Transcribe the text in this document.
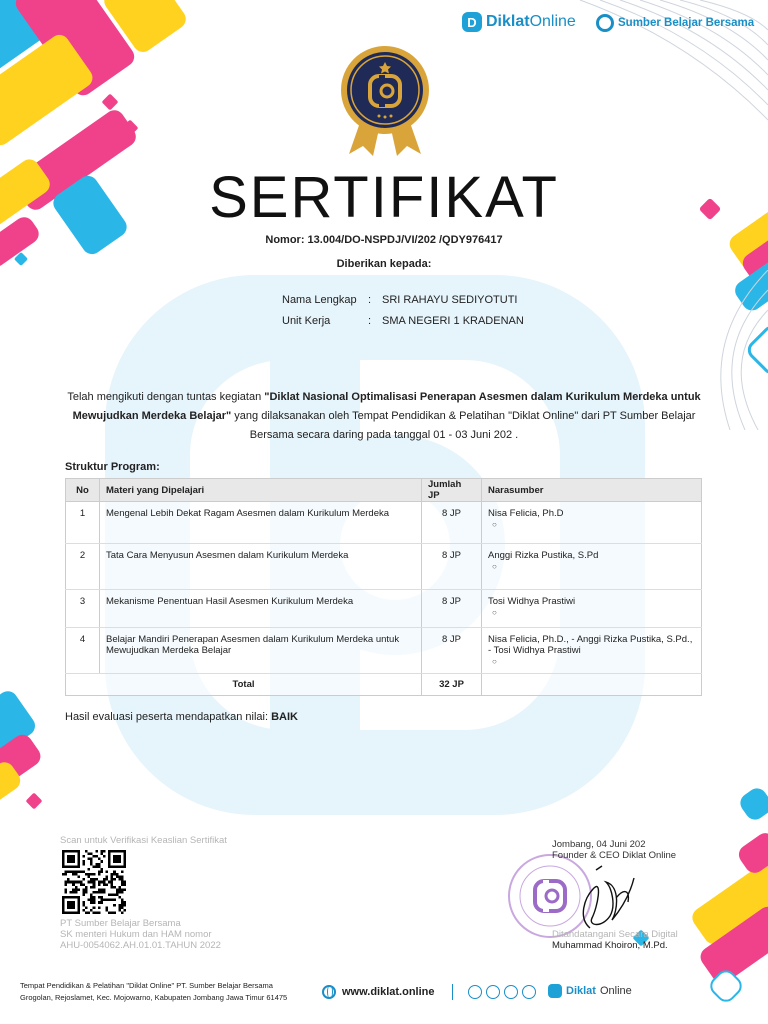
D DiklatOnline	Sumber Belajar Bersama
SERTIFIKAT
Nomor: 13.004/DO-NSPDJ/VI/202 /QDY976417
Diberikan kepada:
Nama Lengkap	: SRI RAHAYU SEDIYOTUTI
Unit Kerja	: SMA NEGERI 1 KRADENAN
Telah mengikuti dengan tuntas kegiatan "Diklat Nasional Optimalisasi Penerapan Asesmen dalam Kurikulum Merdeka untuk Mewujudkan Merdeka Belajar" yang dilaksanakan oleh Tempat Pendidikan & Pelatihan "Diklat Online" dari PT Sumber Belajar Bersama secara daring pada tanggal 01 - 03 Juni 202 .
Struktur Program:
No	Materi yang Dipelajari	Jumlah JP	Narasumber
1	Mengenal Lebih Dekat Ragam Asesmen dalam Kurikulum Merdeka	8 JP	Nisa Felicia, Ph.D
○

2	Tata Cara Menyusun Asesmen dalam Kurikulum Merdeka	8 JP	Anggi Rizka Pustika, S.Pd
○

3	Mekanisme Penentuan Hasil Asesmen Kurikulum Merdeka	8 JP	Tosi Widhya Prastiwi
○

4	Belajar Mandiri Penerapan Asesmen dalam Kurikulum Merdeka untuk Mewujudkan Merdeka Belajar	8 JP	Nisa Felicia, Ph.D., - Anggi Rizka Pustika, S.Pd., - Tosi Widhya Prastiwi
○

Total		32 JP	
Hasil evaluasi peserta mendapatkan nilai: BAIK
Scan untuk Verifikasi Keaslian Sertifikat
PT Sumber Belajar Bersama
SK menteri Hukum dan HAM nomor
AHU-0054062.AH.01.01.TAHUN 2022
Jombang, 04 Juni 202
Founder & CEO Diklat Online
Ditandatangani Secara Digital
Muhammad Khoiron, M.Pd.
Tempat Pendidikan & Pelatihan "Diklat Online" PT. Sumber Belajar Bersama
Grogolan, Rejoslamet, Kec. Mojowarno, Kabupaten Jombang Jawa Timur 61475	www.diklat.online	Diklat Online
